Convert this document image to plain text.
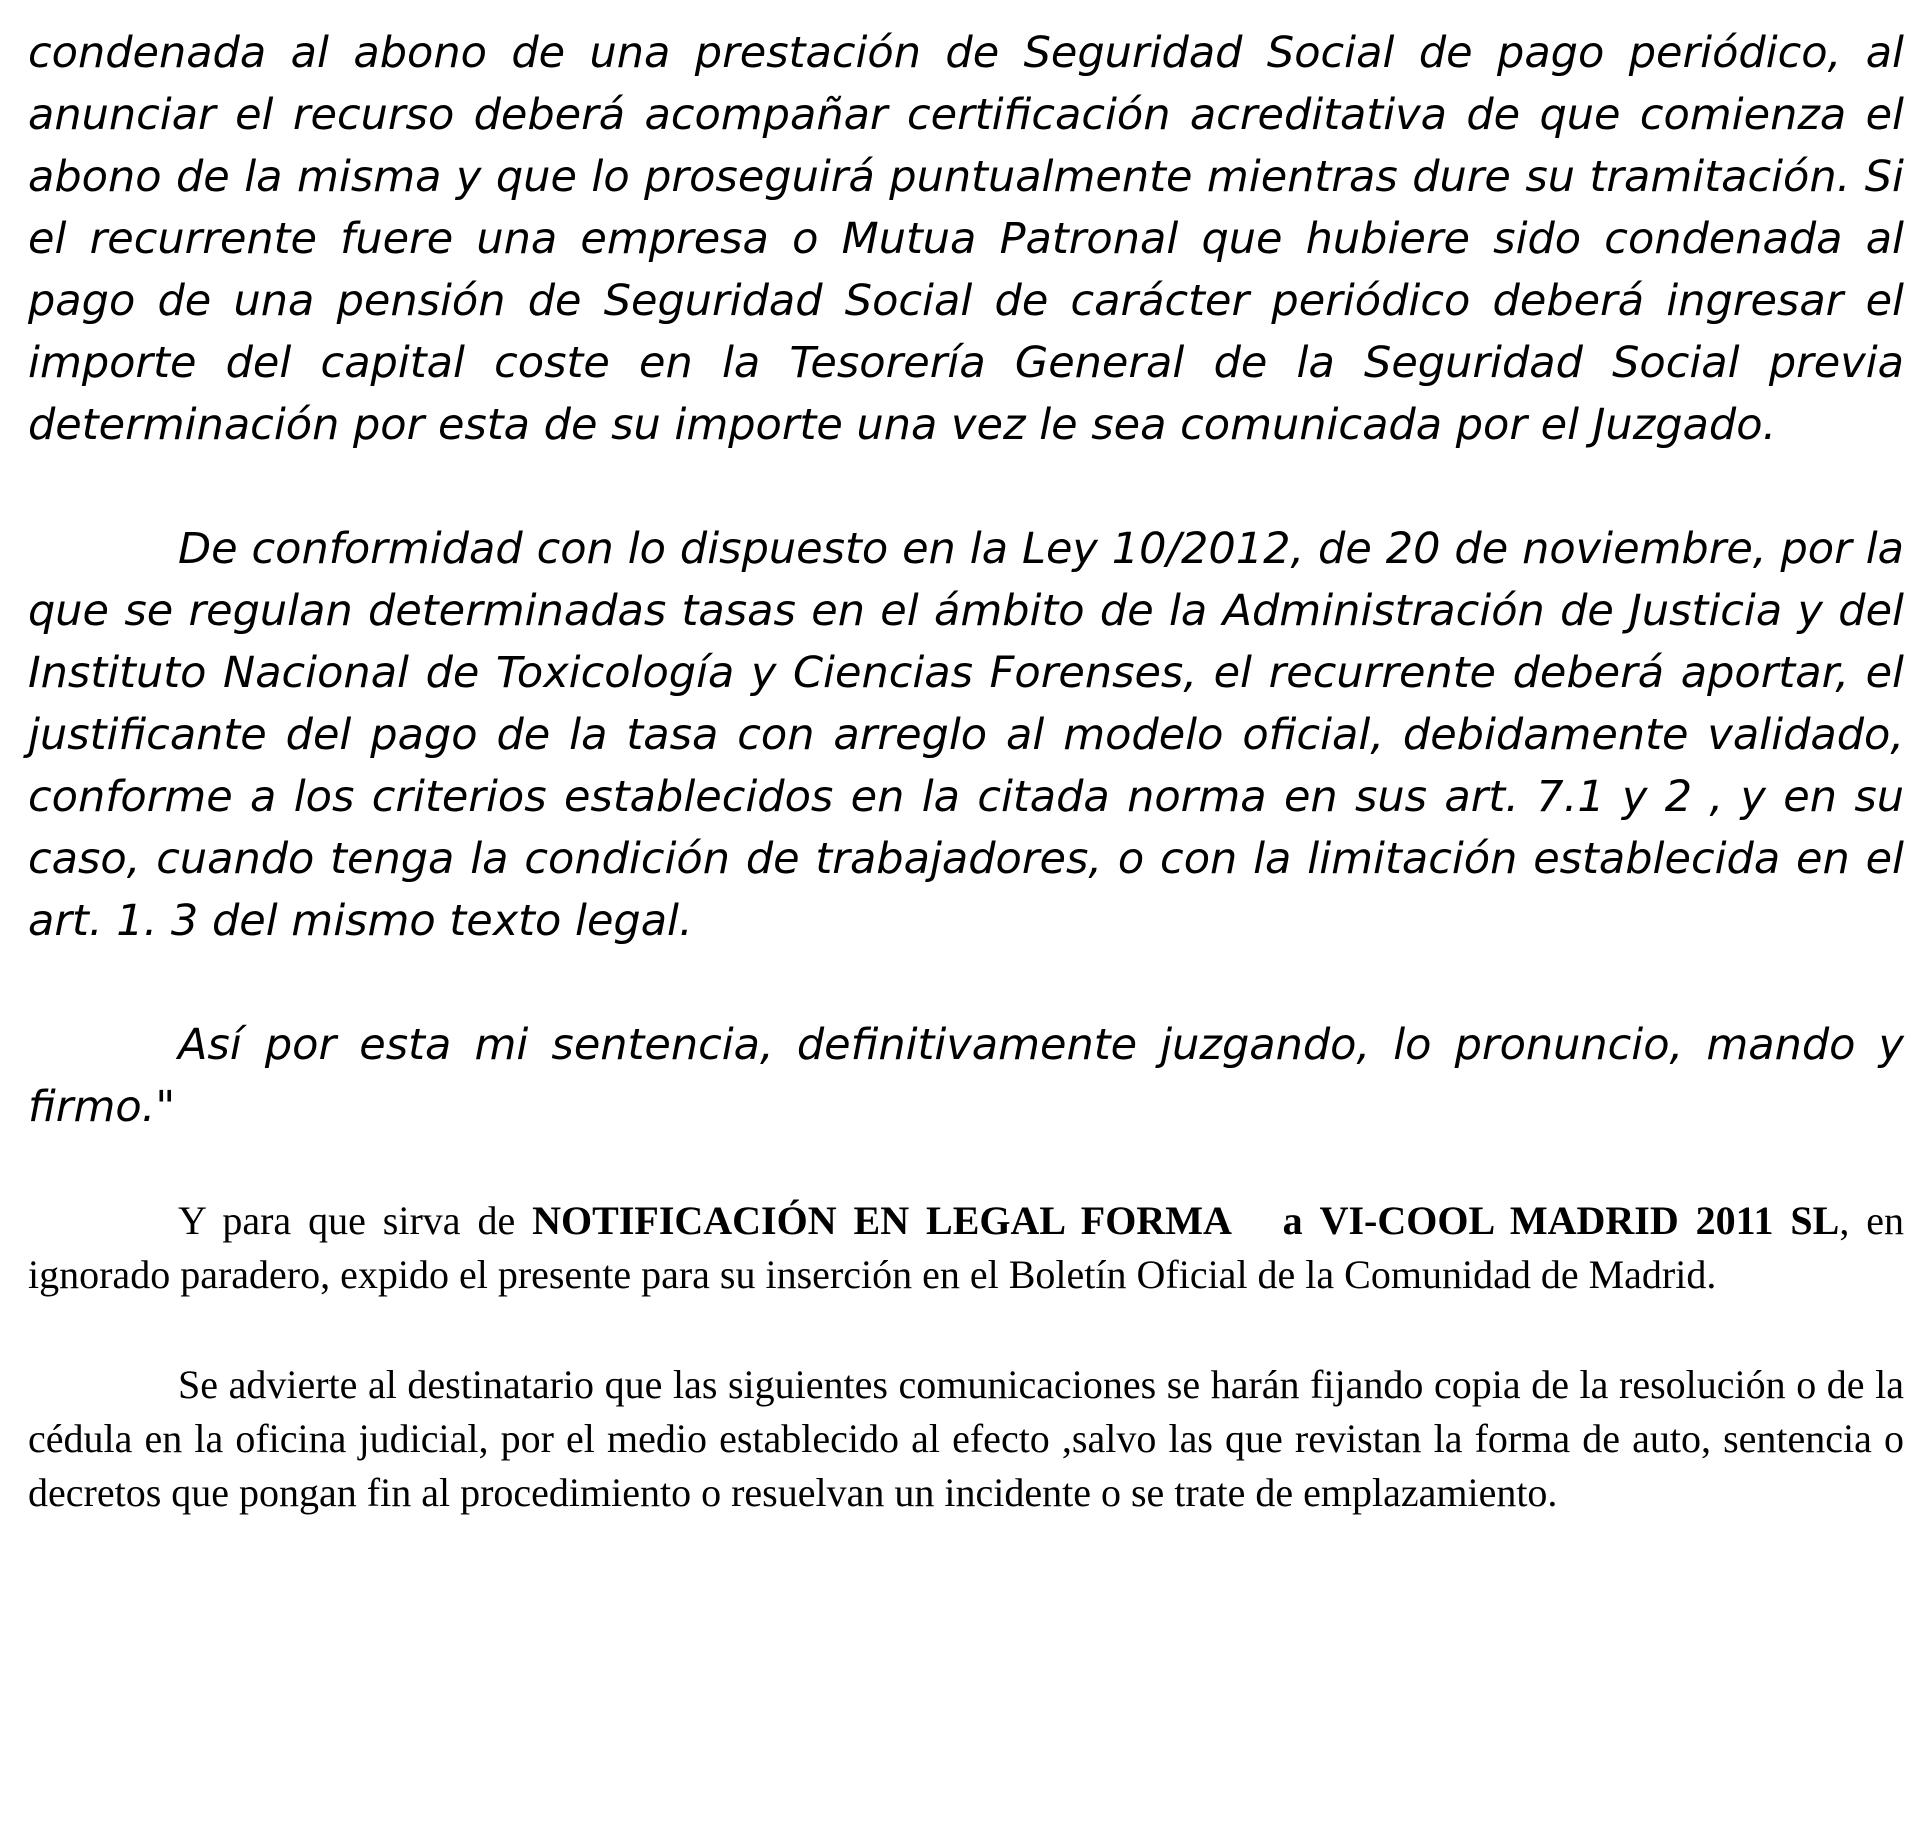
condenada al abono de una prestación de Seguridad Social de pago periódico, al anunciar el recurso deberá acompañar certificación acreditativa de que comienza el abono de la misma y que lo proseguirá puntualmente mientras dure su tramitación. Si el recurrente fuere una empresa o Mutua Patronal que hubiere sido condenada al pago de una pensión de Seguridad Social de carácter periódico deberá ingresar el importe del capital coste en la Tesorería General de la Seguridad Social previa determinación por esta de su importe una vez le sea comunicada por el Juzgado.

De conformidad con lo dispuesto en la Ley 10/2012, de 20 de noviembre, por la que se regulan determinadas tasas en el ámbito de la Administración de Justicia y del Instituto Nacional de Toxicología y Ciencias Forenses, el recurrente deberá aportar, el justificante del pago de la tasa con arreglo al modelo oficial, debidamente validado, conforme a los criterios establecidos en la citada norma en sus art. 7.1 y 2 , y en su caso, cuando tenga la condición de trabajadores, o con la limitación establecida en el art. 1. 3 del mismo texto legal.

Así por esta mi sentencia, definitivamente juzgando, lo pronuncio, mando y firmo."

Y para que sirva de NOTIFICACIÓN EN LEGAL FORMA a VI-COOL MADRID 2011 SL, en ignorado paradero, expido el presente para su inserción en el Boletín Oficial de la Comunidad de Madrid.

Se advierte al destinatario que las siguientes comunicaciones se harán fijando copia de la resolución o de la cédula en la oficina judicial, por el medio establecido al efecto ,salvo las que revistan la forma de auto, sentencia o decretos que pongan fin al procedimiento o resuelvan un incidente o se trate de emplazamiento.
